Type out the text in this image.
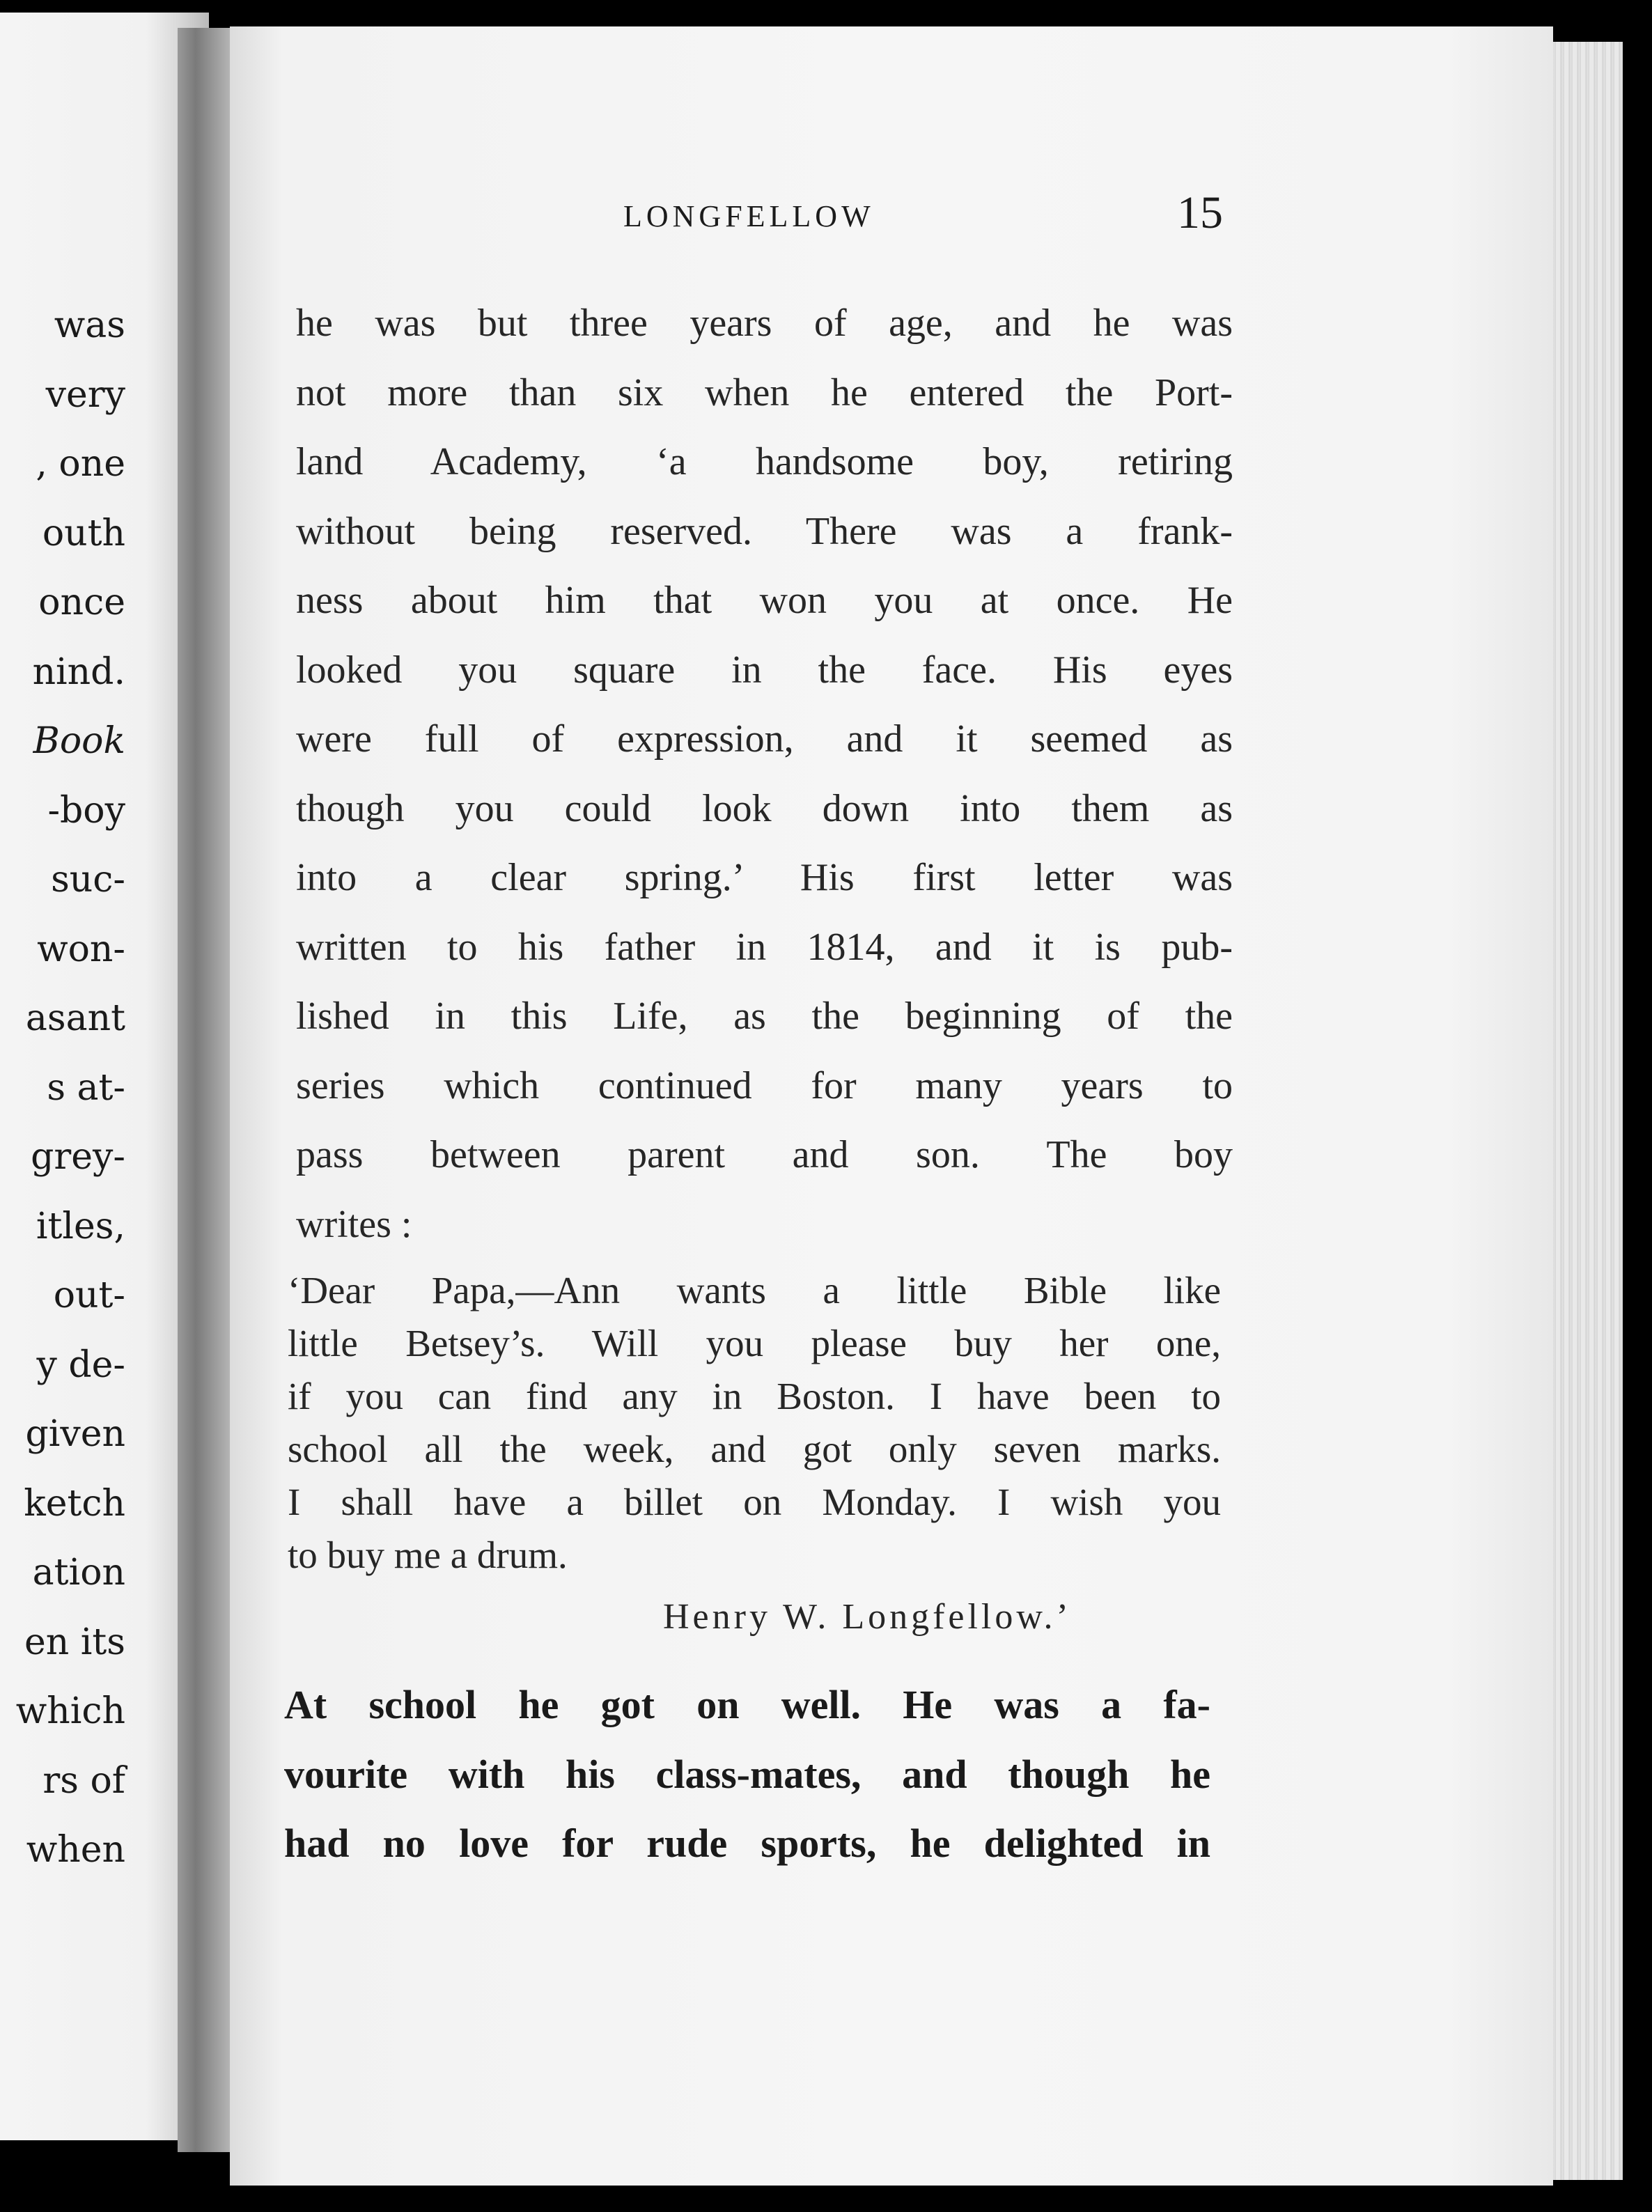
was
very
, one
outh
once
nind.
Book
-boy
suc-
won-
asant
s at-
grey-
itles,
out-
y de-
given
ketch
ation
en its
which
rs of
when
LONGFELLOW	15
he was but three years of age, and he was
not more than six when he entered the Port-
land Academy, ‘a handsome boy, retiring
without being reserved. There was a frank-
ness about him that won you at once. He
looked you square in the face. His eyes
were full of expression, and it seemed as
though you could look down into them as
into a clear spring.’ His first letter was
written to his father in 1814, and it is pub-
lished in this Life, as the beginning of the
series which continued for many years to
pass between parent and son. The boy
writes :
‘Dear Papa,—Ann wants a little Bible like
little Betsey’s. Will you please buy her one,
if you can find any in Boston. I have been to
school all the week, and got only seven marks.
I shall have a billet on Monday. I wish you
to buy me a drum.
Henry W. Longfellow.’
At school he got on well. He was a fa-
vourite with his class-mates, and though he
had no love for rude sports, he delighted in
